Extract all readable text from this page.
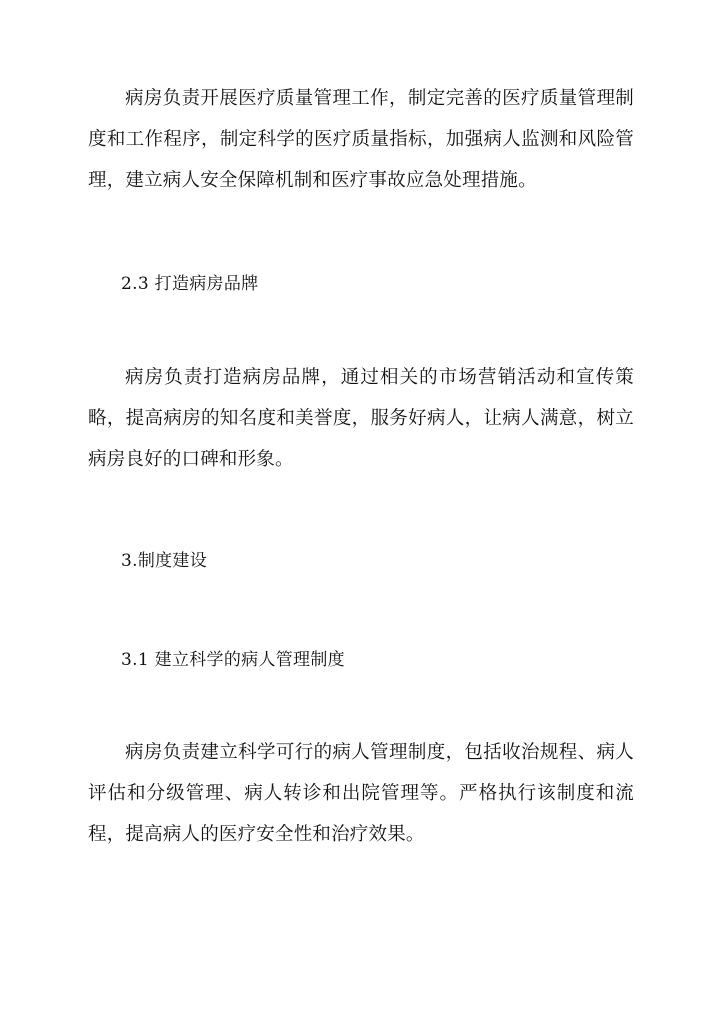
病房负责开展医疗质量管理工作，制定完善的医疗质量管理制度和工作程序，制定科学的医疗质量指标，加强病人监测和风险管理，建立病人安全保障机制和医疗事故应急处理措施。

2.3 打造病房品牌

病房负责打造病房品牌，通过相关的市场营销活动和宣传策略，提高病房的知名度和美誉度，服务好病人，让病人满意，树立病房良好的口碑和形象。

3.制度建设
3.1 建立科学的病人管理制度

病房负责建立科学可行的病人管理制度，包括收治规程、病人评估和分级管理、病人转诊和出院管理等。严格执行该制度和流程，提高病人的医疗安全性和治疗效果。
